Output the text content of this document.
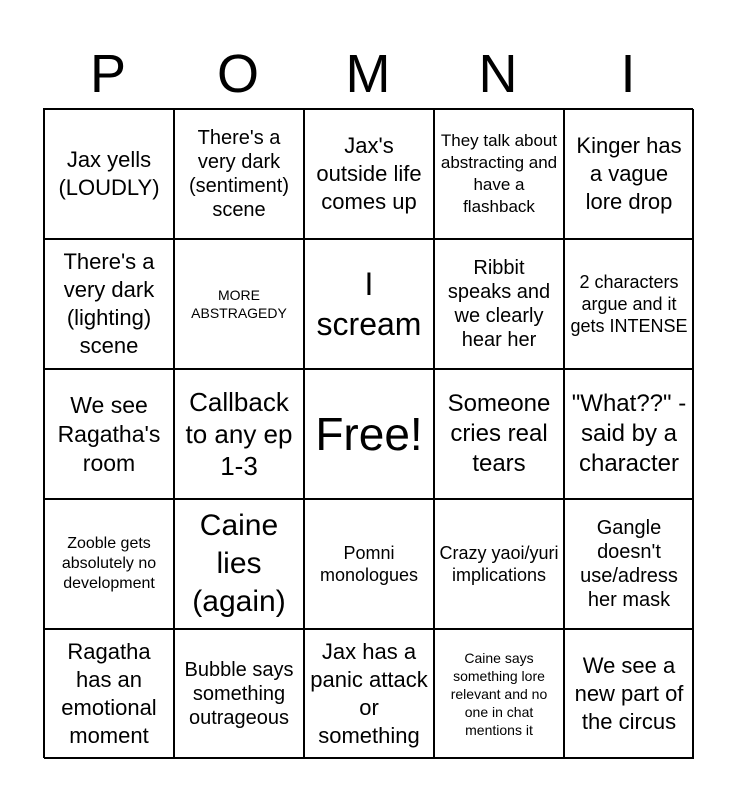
P	O	M	N	I
Jax yells (LOUDLY)
There's a very dark (sentiment) scene
Jax's outside life comes up
They talk about abstracting and have a flashback
Kinger has a vague lore drop
There's a very dark (lighting) scene
MORE ABSTRAGEDY
I scream
Ribbit speaks and we clearly hear her
2 characters argue and it gets INTENSE
We see Ragatha's room
Callback to any ep 1-3
Free!
Someone cries real tears
"What??" -said by a character
Zooble gets absolutely no development
Caine lies (again)
Pomni monologues
Crazy yaoi/yuri implications
Gangle doesn't use/adress her mask
Ragatha has an emotional moment
Bubble says something outrageous
Jax has a panic attack or something
Caine says something lore relevant and no one in chat mentions it
We see a new part of the circus
